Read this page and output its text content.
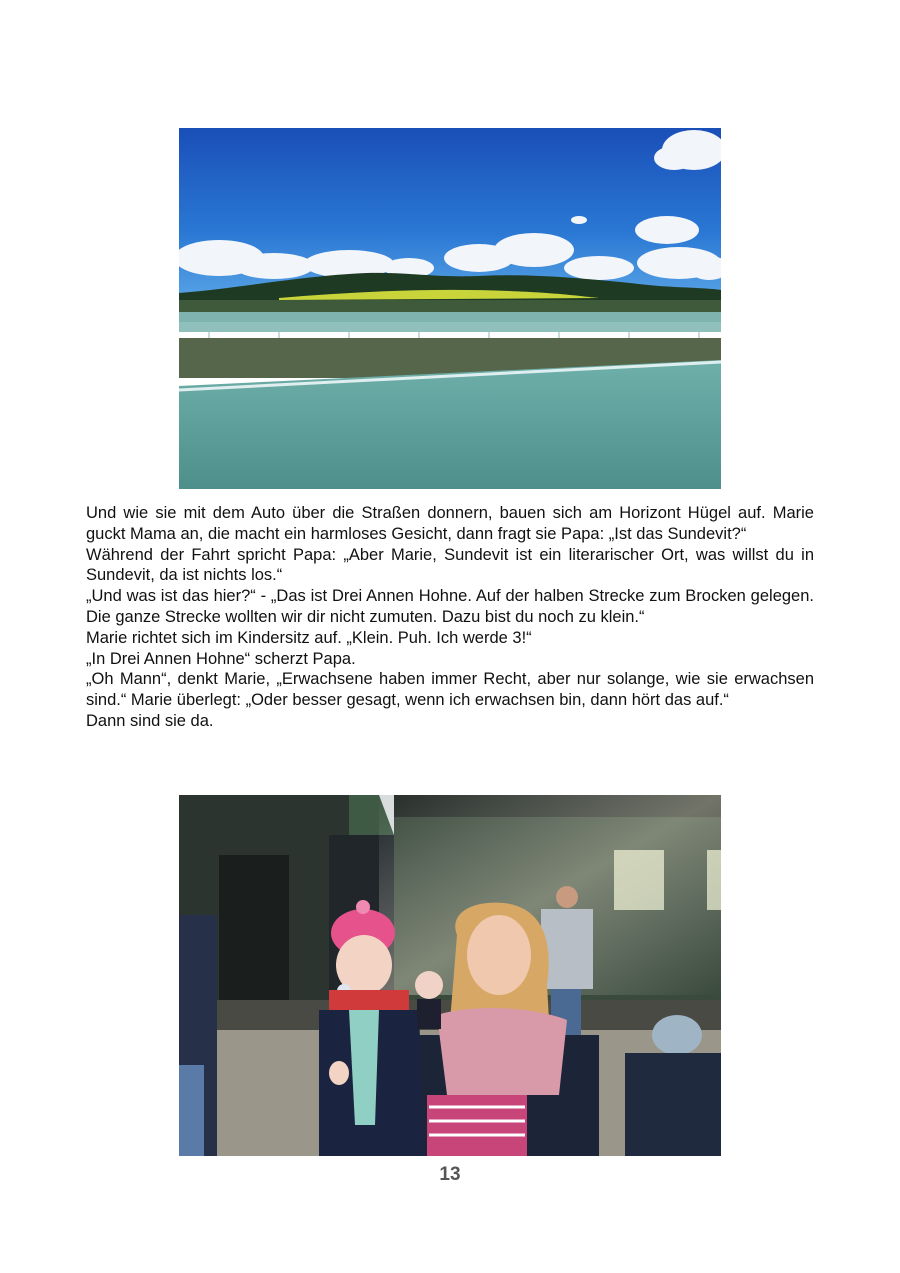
Und wie sie mit dem Auto über die Straßen donnern, bauen sich am Horizont Hügel auf. Marie guckt Mama an, die macht ein harmloses Gesicht, dann fragt sie Papa: „Ist das Sundevit?“

Während der Fahrt spricht Papa: „Aber Marie, Sundevit ist ein literarischer Ort, was willst du in Sundevit, da ist nichts los.“

„Und was ist das hier?“ - „Das ist Drei Annen Hohne. Auf der halben Strecke zum Brocken gelegen. Die ganze Strecke wollten wir dir nicht zumuten. Dazu bist du noch zu klein.“

Marie richtet sich im Kindersitz auf. „Klein. Puh. Ich werde 3!“

„In Drei Annen Hohne“ scherzt Papa.

„Oh Mann“, denkt Marie, „Erwachsene haben immer Recht, aber nur solange, wie sie erwachsen sind.“ Marie überlegt: „Oder besser gesagt, wenn ich erwachsen bin, dann hört das auf.“

Dann sind sie da.

13
